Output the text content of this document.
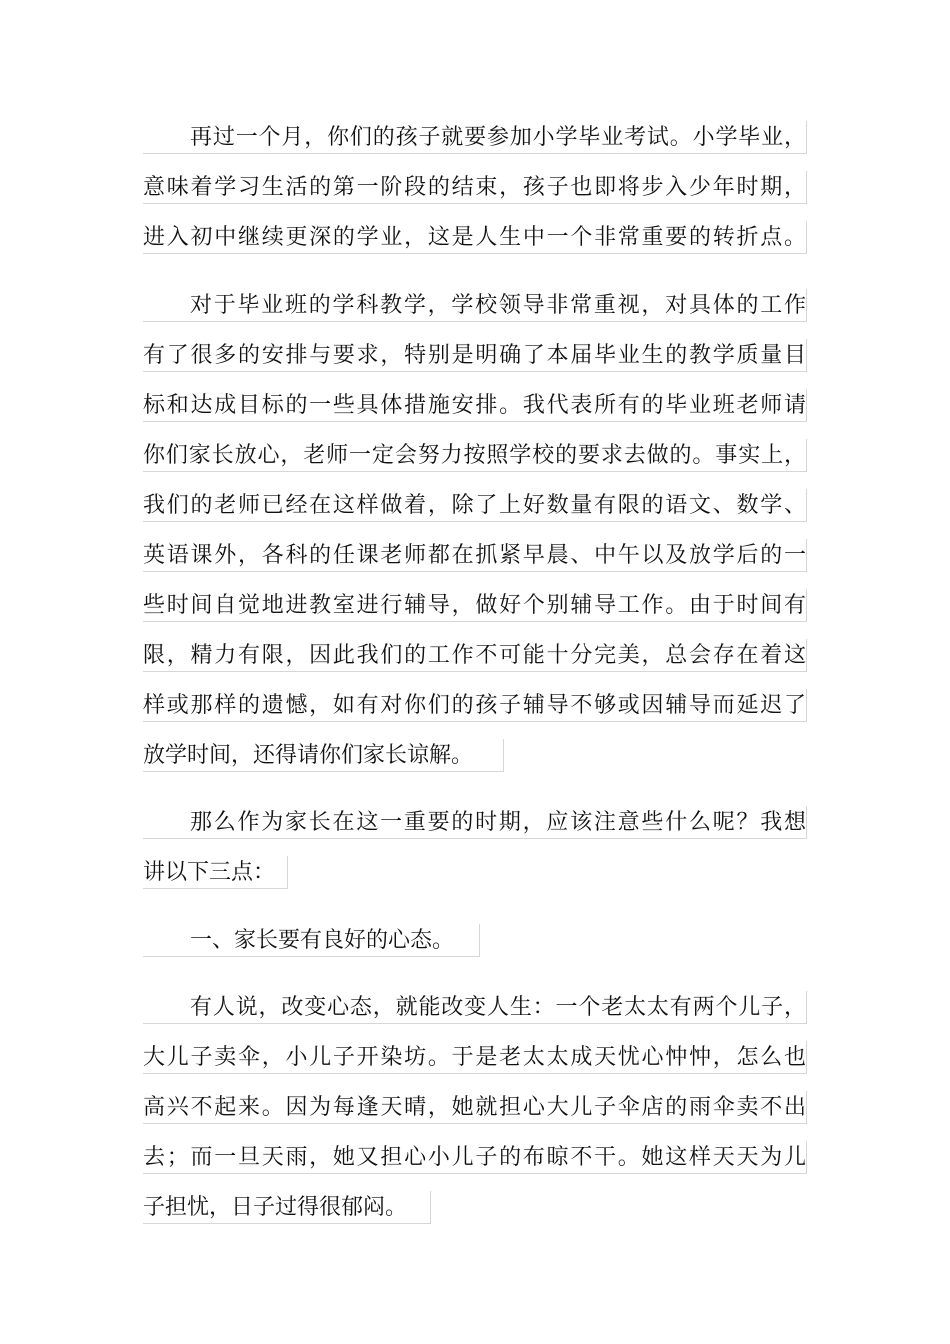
再过一个月，你们的孩子就要参加小学毕业考试。小学毕业，
意味着学习生活的第一阶段的结束，孩子也即将步入少年时期，
进入初中继续更深的学业，这是人生中一个非常重要的转折点。
对于毕业班的学科教学，学校领导非常重视，对具体的工作
有了很多的安排与要求，特别是明确了本届毕业生的教学质量目
标和达成目标的一些具体措施安排。我代表所有的毕业班老师请
你们家长放心，老师一定会努力按照学校的要求去做的。事实上，
我们的老师已经在这样做着，除了上好数量有限的语文、数学、
英语课外，各科的任课老师都在抓紧早晨、中午以及放学后的一
些时间自觉地进教室进行辅导，做好个别辅导工作。由于时间有
限，精力有限，因此我们的工作不可能十分完美，总会存在着这
样或那样的遗憾，如有对你们的孩子辅导不够或因辅导而延迟了
放学时间，还得请你们家长谅解。
那么作为家长在这一重要的时期，应该注意些什么呢？我想
讲以下三点：
一、家长要有良好的心态。
有人说，改变心态，就能改变人生：一个老太太有两个儿子，
大儿子卖伞，小儿子开染坊。于是老太太成天忧心忡忡，怎么也
高兴不起来。因为每逢天晴，她就担心大儿子伞店的雨伞卖不出
去；而一旦天雨，她又担心小儿子的布晾不干。她这样天天为儿
子担忧，日子过得很郁闷。
